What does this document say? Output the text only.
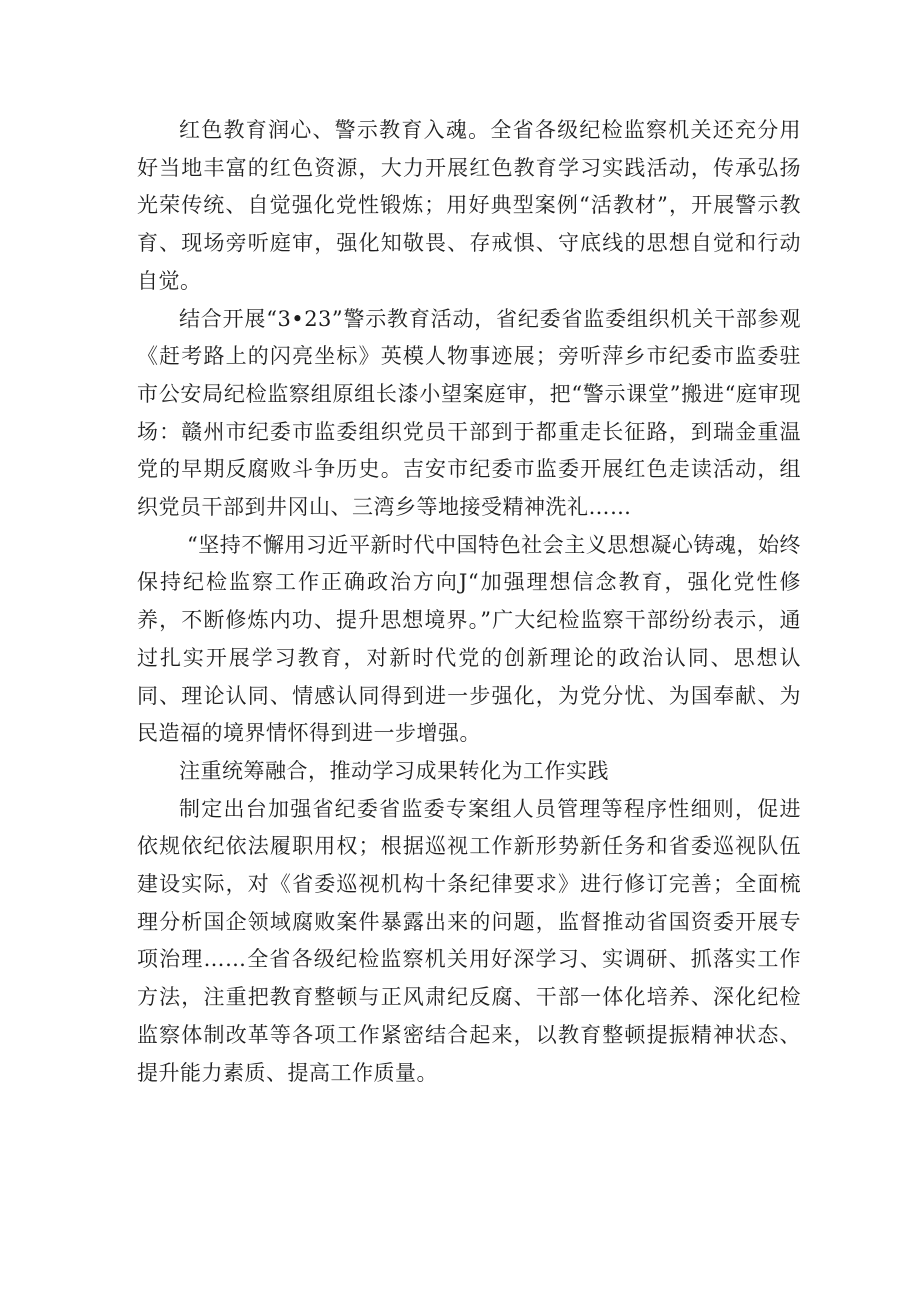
红色教育润心、警示教育入魂。全省各级纪检监察机关还充分用好当地丰富的红色资源，大力开展红色教育学习实践活动，传承弘扬光荣传统、自觉强化党性锻炼；用好典型案例“活教材”，开展警示教育、现场旁听庭审，强化知敬畏、存戒惧、守底线的思想自觉和行动自觉。

结合开展“3•23”警示教育活动，省纪委省监委组织机关干部参观《赶考路上的闪亮坐标》英模人物事迹展；旁听萍乡市纪委市监委驻市公安局纪检监察组原组长漆小望案庭审，把“警示课堂”搬进“庭审现场：赣州市纪委市监委组织党员干部到于都重走长征路，到瑞金重温党的早期反腐败斗争历史。吉安市纪委市监委开展红色走读活动，组织党员干部到井冈山、三湾乡等地接受精神洗礼……

“坚持不懈用习近平新时代中国特色社会主义思想凝心铸魂，始终保持纪检监察工作正确政治方向J“加强理想信念教育，强化党性修养，不断修炼内功、提升思想境界。”广大纪检监察干部纷纷表示，通过扎实开展学习教育，对新时代党的创新理论的政治认同、思想认同、理论认同、情感认同得到进一步强化，为党分忧、为国奉献、为民造福的境界情怀得到进一步增强。

注重统筹融合，推动学习成果转化为工作实践

制定出台加强省纪委省监委专案组人员管理等程序性细则，促进依规依纪依法履职用权；根据巡视工作新形势新任务和省委巡视队伍建设实际，对《省委巡视机构十条纪律要求》进行修订完善；全面梳理分析国企领域腐败案件暴露出来的问题，监督推动省国资委开展专项治理……全省各级纪检监察机关用好深学习、实调研、抓落实工作方法，注重把教育整顿与正风肃纪反腐、干部一体化培养、深化纪检监察体制改革等各项工作紧密结合起来，以教育整顿提振精神状态、提升能力素质、提高工作质量。
